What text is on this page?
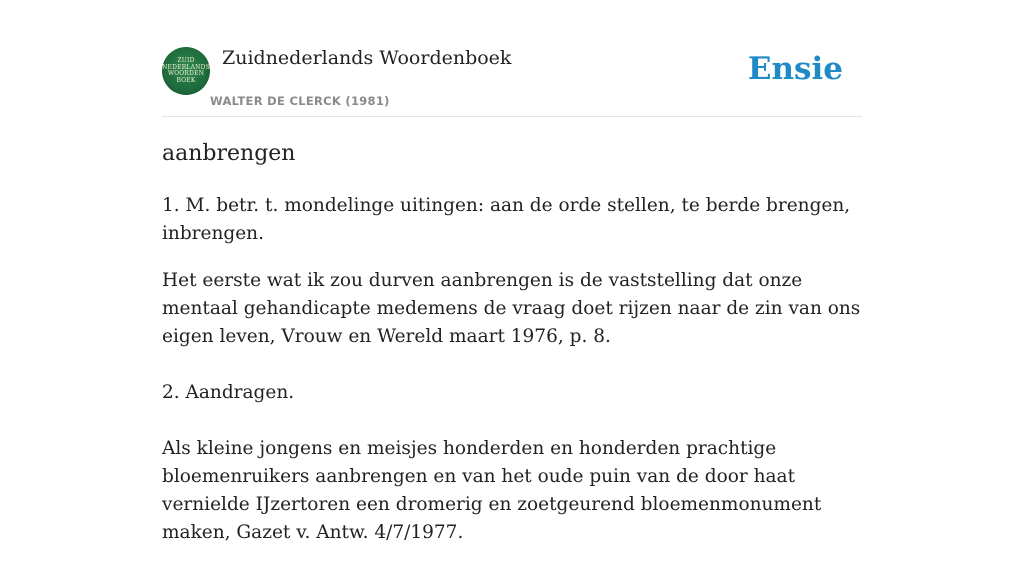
ZUID
NEDERLANDS
WOORDEN
BOEK
Zuidnederlands Woordenboek
WALTER DE CLERCK (1981)
Ensie
aanbrengen

1. M. betr. t. mondelinge uitingen: aan de orde stellen, te berde brengen, inbrengen.

Het eerste wat ik zou durven aanbrengen is de vaststelling dat onze mentaal gehandicapte medemens de vraag doet rijzen naar de zin van ons eigen leven, Vrouw en Wereld maart 1976, p. 8.

2. Aandragen.

Als kleine jongens en meisjes honderden en honderden prachtige bloemenruikers aanbrengen en van het oude puin van de door haat vernielde IJzertoren een dromerig en zoetgeurend bloemenmonument maken, Gazet v. Antw. 4/7/1977.
